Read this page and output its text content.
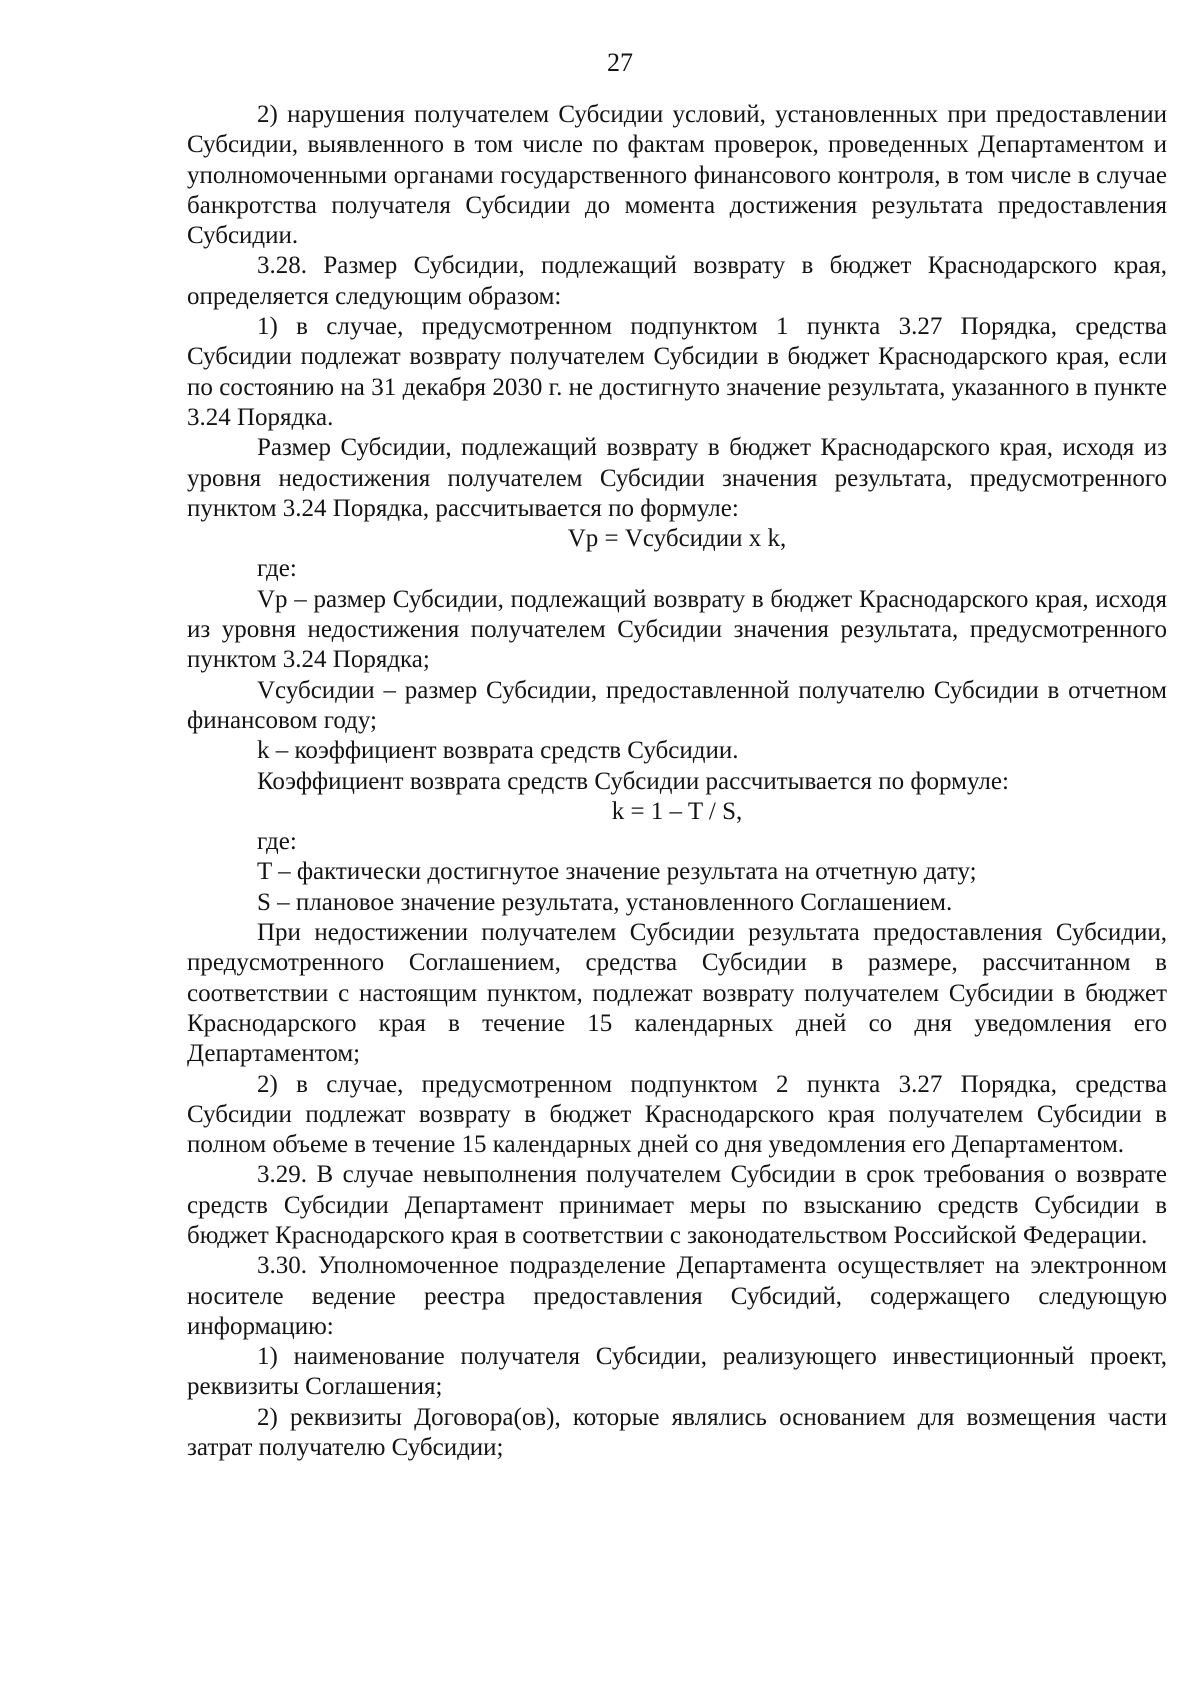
27

2) нарушения получателем Субсидии условий, установленных при предоставлении Субсидии, выявленного в том числе по фактам проверок, проведенных Департаментом и уполномоченными органами государственного финансового контроля, в том числе в случае банкротства получателя Субсидии до момента достижения результата предоставления Субсидии.

3.28. Размер Субсидии, подлежащий возврату в бюджет Краснодарского края, определяется следующим образом:

1) в случае, предусмотренном подпунктом 1 пункта 3.27 Порядка, средства Субсидии подлежат возврату получателем Субсидии в бюджет Краснодарского края, если по состоянию на 31 декабря 2030 г. не достигнуто значение результата, указанного в пункте 3.24 Порядка.

Размер Субсидии, подлежащий возврату в бюджет Краснодарского края, исходя из уровня недостижения получателем Субсидии значения результата, предусмотренного пунктом 3.24 Порядка, рассчитывается по формуле:

Vр = Vсубсидии x k,

где:

Vр – размер Субсидии, подлежащий возврату в бюджет Краснодарского края, исходя из уровня недостижения получателем Субсидии значения результата, предусмотренного пунктом 3.24 Порядка;

Vсубсидии – размер Субсидии, предоставленной получателю Субсидии в отчетном финансовом году;

k – коэффициент возврата средств Субсидии.

Коэффициент возврата средств Субсидии рассчитывается по формуле:

k = 1 – T / S,

где:

T – фактически достигнутое значение результата на отчетную дату;

S – плановое значение результата, установленного Соглашением.

При недостижении получателем Субсидии результата предоставления Субсидии, предусмотренного Соглашением, средства Субсидии в размере, рассчитанном в соответствии с настоящим пунктом, подлежат возврату получателем Субсидии в бюджет Краснодарского края в течение 15 календарных дней со дня уведомления его Департаментом;

2) в случае, предусмотренном подпунктом 2 пункта 3.27 Порядка, средства Субсидии подлежат возврату в бюджет Краснодарского края получателем Субсидии в полном объеме в течение 15 календарных дней со дня уведомления его Департаментом.

3.29. В случае невыполнения получателем Субсидии в срок требования о возврате средств Субсидии Департамент принимает меры по взысканию средств Субсидии в бюджет Краснодарского края в соответствии с законодательством Российской Федерации.

3.30. Уполномоченное подразделение Департамента осуществляет на электронном носителе ведение реестра предоставления Субсидий, содержащего следующую информацию:

1) наименование получателя Субсидии, реализующего инвестиционный проект, реквизиты Соглашения;

2) реквизиты Договора(ов), которые являлись основанием для возмещения части затрат получателю Субсидии;
